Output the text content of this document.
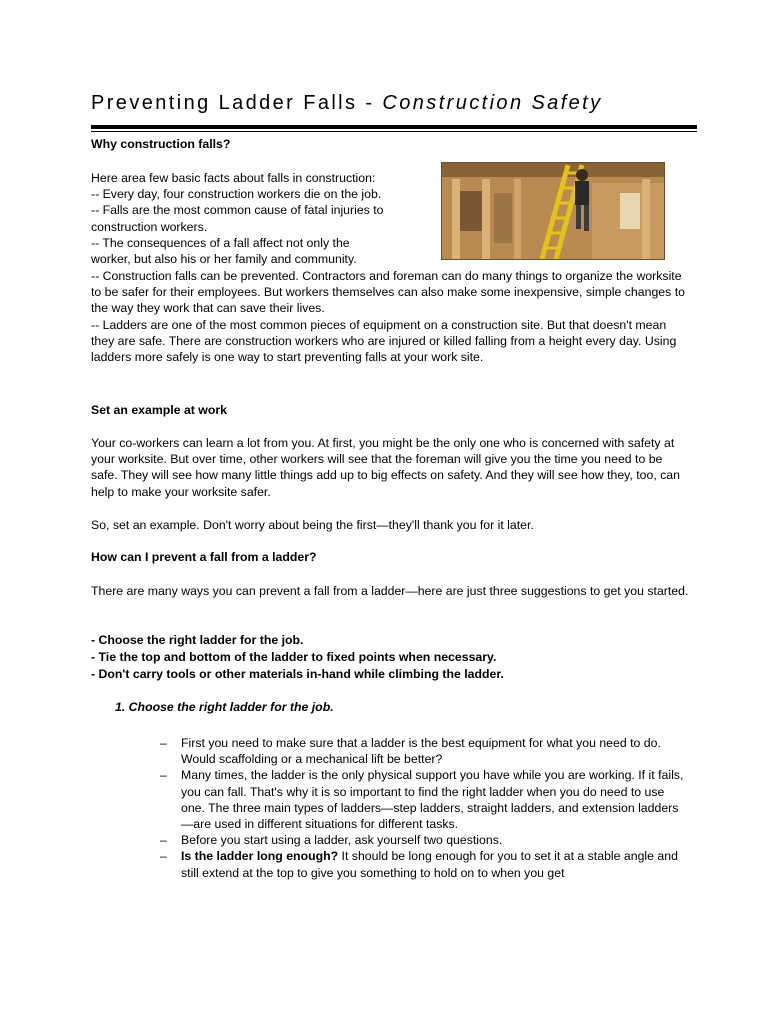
Preventing Ladder Falls - Construction Safety
Why construction falls?

Here area few basic facts about falls in construction:

-- Every day, four construction workers die on the job.

-- Falls are the most common cause of fatal injuries to

construction workers.

-- The consequences of a fall affect not only the

worker, but also his or her family and community.

-- Construction falls can be prevented. Contractors and foreman can do many things to organize the worksite to be safer for their employees. But workers themselves can also make some inexpensive, simple changes to the way they work that can save their lives.

-- Ladders are one of the most common pieces of equipment on a construction site. But that doesn't mean they are safe. There are construction workers who are injured or killed falling from a height every day. Using ladders more safely is one way to start preventing falls at your work site.

Set an example at work
Your co-workers can learn a lot from you. At first, you might be the only one who is concerned with safety at your worksite. But over time, other workers will see that the foreman will give you the time you need to be safe. They will see how many little things add up to big effects on safety. And they will see how they, too, can help to make your worksite safer.
So, set an example. Don't worry about being the first—they'll thank you for it later.
How can I prevent a fall from a ladder?
There are many ways you can prevent a fall from a ladder—here are just three suggestions to get you started.
- Choose the right ladder for the job.
- Tie the top and bottom of the ladder to fixed points when necessary.
- Don't carry tools or other materials in-hand while climbing the ladder.
1. Choose the right ladder for the job.
– First you need to make sure that a ladder is the best equipment for what you need to do. Would scaffolding or a mechanical lift be better?
– Many times, the ladder is the only physical support you have while you are working. If it fails, you can fall. That's why it is so important to find the right ladder when you do need to use one. The three main types of ladders—step ladders, straight ladders, and extension ladders—are used in different situations for different tasks.
– Before you start using a ladder, ask yourself two questions.
– Is the ladder long enough? It should be long enough for you to set it at a stable angle and still extend at the top to give you something to hold on to when you get
